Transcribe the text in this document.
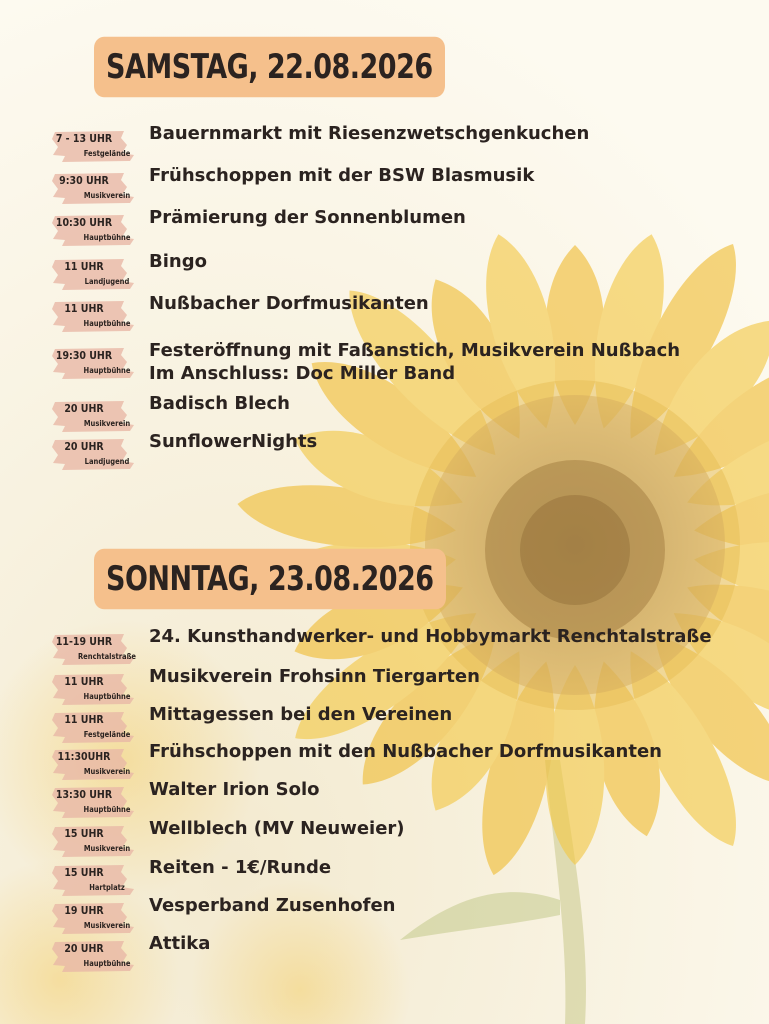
SAMSTAG, 22.08.2026
7 - 13 UHR
Festgelände
Bauernmarkt mit Riesenzwetschgenkuchen
9:30 UHR
Musikverein
Frühschoppen mit der BSW Blasmusik
10:30 UHR
Hauptbühne
Prämierung der Sonnenblumen
11 UHR
Landjugend
Bingo
11 UHR
Hauptbühne
Nußbacher Dorfmusikanten
19:30 UHR
Hauptbühne
Festeröffnung mit Faßanstich, Musikverein Nußbach
Im Anschluss: Doc Miller Band
20 UHR
Musikverein
Badisch Blech
20 UHR
Landjugend
SunflowerNights
SONNTAG, 23.08.2026
11-19 UHR
Renchtalstraße
24. Kunsthandwerker- und Hobbymarkt Renchtalstraße
11 UHR
Hauptbühne
Musikverein Frohsinn Tiergarten
11 UHR
Festgelände
Mittagessen bei den Vereinen
11:30UHR
Musikverein
Frühschoppen mit den Nußbacher Dorfmusikanten
13:30 UHR
Hauptbühne
Walter Irion Solo
15 UHR
Musikverein
Wellblech (MV Neuweier)
15 UHR
Hartplatz
Reiten - 1€/Runde
19 UHR
Musikverein
Vesperband Zusenhofen
20 UHR
Hauptbühne
Attika
